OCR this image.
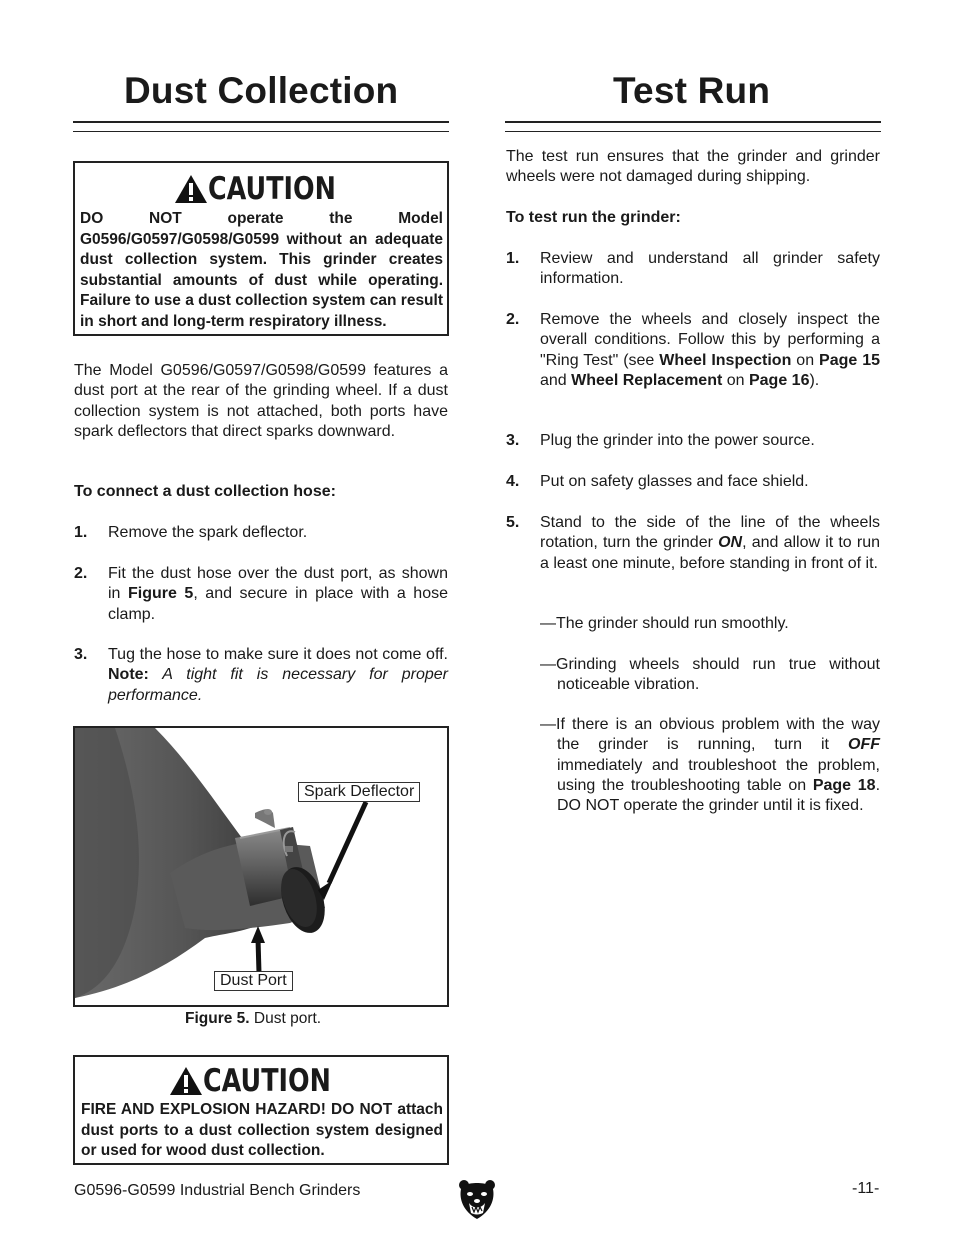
Dust Collection
CAUTION
DO NOT operate the Model G0596/G0597/G0598/G0599 without an adequate dust collection system. This grinder creates substantial amounts of dust while operating. Failure to use a dust collection system can result in short and long-term respiratory illness.

The Model G0596/G0597/G0598/G0599 features a dust port at the rear of the grinding wheel. If a dust collection system is not attached, both ports have spark deflectors that direct sparks downward.

To connect a dust collection hose:
1. Remove the spark deflector.
2. Fit the dust hose over the dust port, as shown in Figure 5, and secure in place with a hose clamp.
3. Tug the hose to make sure it does not come off. Note: A tight fit is necessary for proper performance.
Spark Deflector
Dust Port
Figure 5. Dust port.
CAUTION
FIRE AND EXPLOSION HAZARD! DO NOT attach dust ports to a dust collection system designed or used for wood dust collection.
Test Run

The test run ensures that the grinder and grinder wheels were not damaged during shipping.

To test run the grinder:
1. Review and understand all grinder safety information.
2. Remove the wheels and closely inspect the overall conditions. Follow this by performing a "Ring Test" (see Wheel Inspection on Page 15 and Wheel Replacement on Page 16).
3. Plug the grinder into the power source.
4. Put on safety glasses and face shield.
5. Stand to the side of the line of the wheels rotation, turn the grinder ON, and allow it to run a least one minute, before standing in front of it.
—The grinder should run smoothly.
—Grinding wheels should run true without noticeable vibration.
—If there is an obvious problem with the way the grinder is running, turn it OFF immediately and troubleshoot the problem, using the troubleshooting table on Page 18. DO NOT operate the grinder until it is fixed.
G0596-G0599 Industrial Bench Grinders	-11-
